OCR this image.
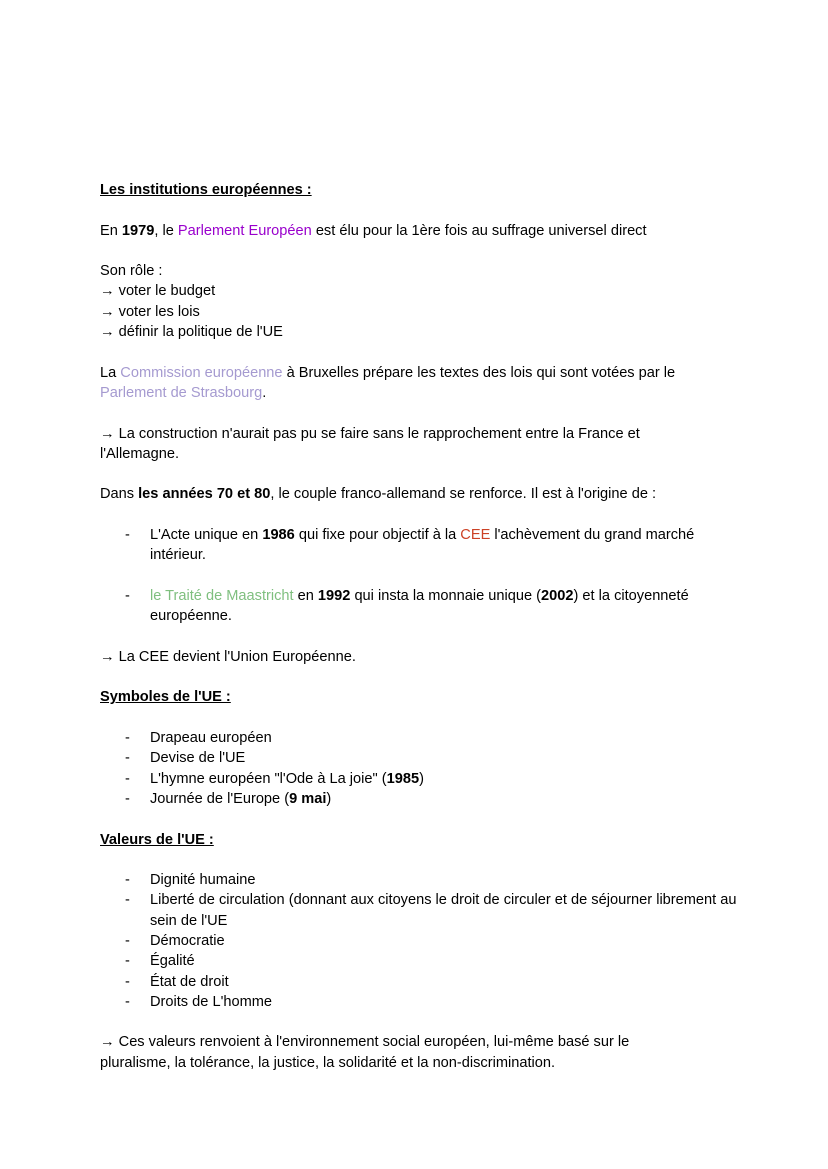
Les institutions européennes :

En 1979, le Parlement Européen est élu pour la 1ère fois au suffrage universel direct

Son rôle :

→ voter le budget

→ voter les lois

→ définir la politique de l'UE

La Commission européenne à Bruxelles prépare les textes des lois qui sont votées par le
Parlement de Strasbourg.

→ La construction n'aurait pas pu se faire sans le rapprochement entre la France et l'Allemagne.

Dans les années 70 et 80, le couple franco-allemand se renforce. Il est à l'origine de :

- L'Acte unique en 1986 qui fixe pour objectif à la CEE l'achèvement du grand marché intérieur.
- le Traité de Maastricht en 1992 qui insta la monnaie unique (2002) et la citoyenneté européenne.

→ La CEE devient l'Union Européenne.

Symboles de l'UE :

- Drapeau européen
- Devise de l'UE
- L'hymne européen "l'Ode à La joie" (1985)
- Journée de l'Europe (9 mai)

Valeurs de l'UE :

- Dignité humaine
- Liberté de circulation (donnant aux citoyens le droit de circuler et de séjourner librement au sein de l'UE
- Démocratie
- Égalité
- État de droit
- Droits de L'homme

→ Ces valeurs renvoient à l'environnement social européen, lui-même basé sur le pluralisme, la tolérance, la justice, la solidarité et la non-discrimination.
